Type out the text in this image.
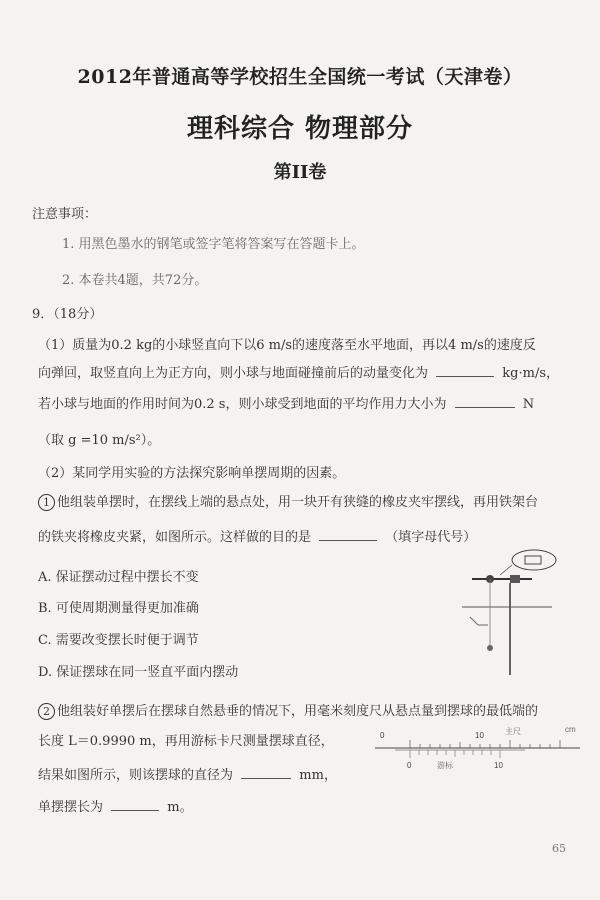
2012年普通高等学校招生全国统一考试（天津卷）
理科综合 物理部分
第II卷
注意事项：
1. 用黑色墨水的钢笔或签字笔将答案写在答题卡上。
2. 本卷共4题，共72分。
9．（18分）
（1）质量为0.2 kg的小球竖直向下以6 m/s的速度落至水平地面，再以4 m/s的速度反
向弹回，取竖直向上为正方向，则小球与地面碰撞前后的动量变化为	kg·m/s，
若小球与地面的作用时间为0.2 s，则小球受到地面的平均作用力大小为	N
（取 g =10 m/s²）。
（2）某同学用实验的方法探究影响单摆周期的因素。
1 他组装单摆时，在摆线上端的悬点处，用一块开有狭缝的橡皮夹牢摆线，再用铁架台
的铁夹将橡皮夹紧，如图所示。这样做的目的是	（填字母代号）
A. 保证摆动过程中摆长不变
B. 可使周期测量得更加准确
C. 需要改变摆长时便于调节
D. 保证摆球在同一竖直平面内摆动
2 他组装好单摆后在摆球自然悬垂的情况下，用毫米刻度尺从悬点量到摆球的最低端的
长度 L＝0.9990 m，再用游标卡尺测量摆球直径，
结果如图所示，则该摆球的直径为	mm，
单摆摆长为	m。
cm
主尺
0	游标	10
0	10
65
